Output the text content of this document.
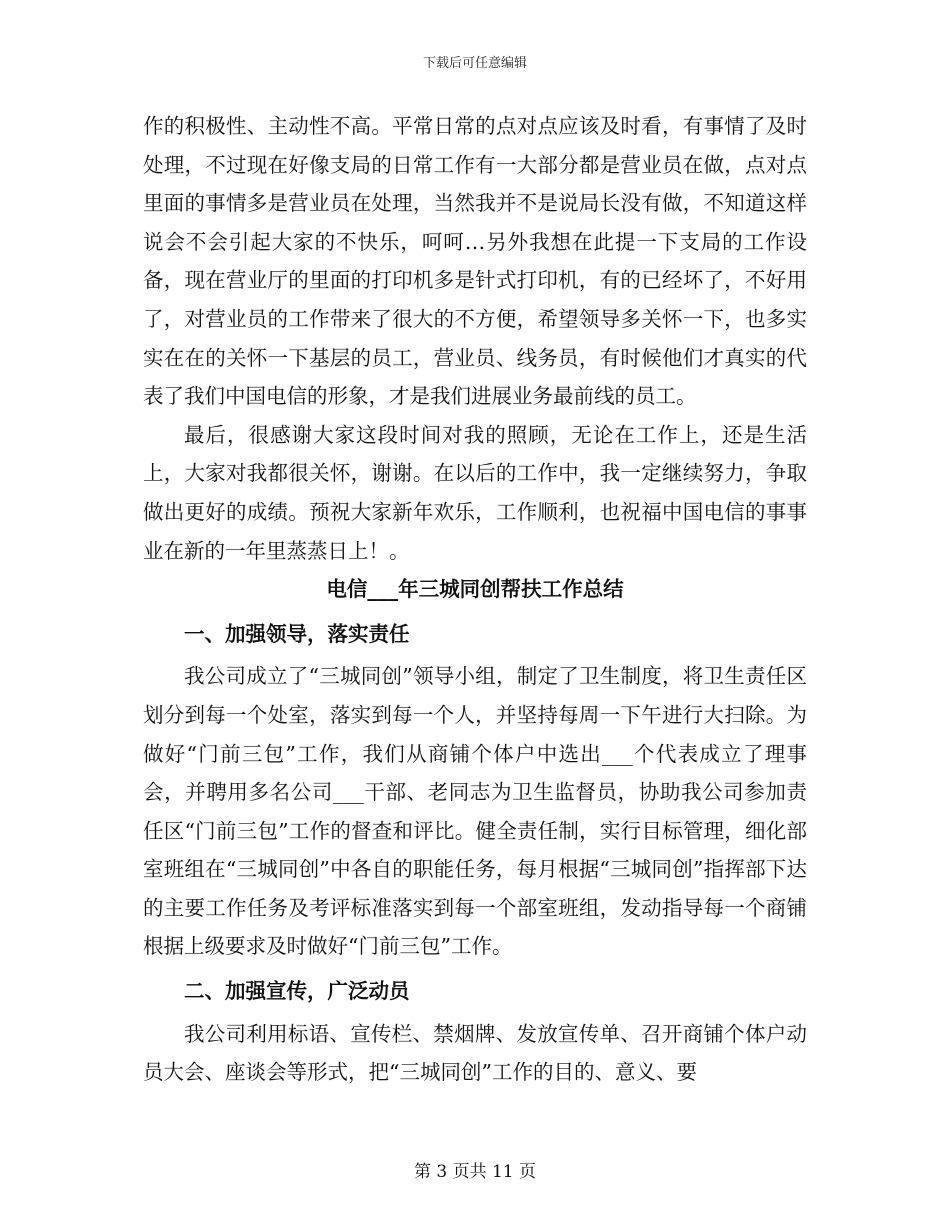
下载后可任意编辑

作的积极性、主动性不高。平常日常的点对点应该及时看，有事情了及时处理，不过现在好像支局的日常工作有一大部分都是营业员在做，点对点里面的事情多是营业员在处理，当然我并不是说局长没有做，不知道这样说会不会引起大家的不快乐，呵呵…另外我想在此提一下支局的工作设备，现在营业厅的里面的打印机多是针式打印机，有的已经坏了，不好用了，对营业员的工作带来了很大的不方便，希望领导多关怀一下，也多实实在在的关怀一下基层的员工，营业员、线务员，有时候他们才真实的代表了我们中国电信的形象，才是我们进展业务最前线的员工。

最后，很感谢大家这段时间对我的照顾，无论在工作上，还是生活上，大家对我都很关怀，谢谢。在以后的工作中，我一定继续努力，争取做出更好的成绩。预祝大家新年欢乐，工作顺利，也祝福中国电信的事事业在新的一年里蒸蒸日上！。

电信___年三城同创帮扶工作总结

一、加强领导，落实责任

我公司成立了“三城同创”领导小组，制定了卫生制度，将卫生责任区划分到每一个处室，落实到每一个人，并坚持每周一下午进行大扫除。为做好“门前三包”工作，我们从商铺个体户中选出___个代表成立了理事会，并聘用多名公司___干部、老同志为卫生监督员，协助我公司参加责任区“门前三包”工作的督查和评比。健全责任制，实行目标管理，细化部室班组在“三城同创”中各自的职能任务，每月根据“三城同创”指挥部下达的主要工作任务及考评标准落实到每一个部室班组，发动指导每一个商铺根据上级要求及时做好“门前三包”工作。

二、加强宣传，广泛动员

我公司利用标语、宣传栏、禁烟牌、发放宣传单、召开商铺个体户动员大会、座谈会等形式，把“三城同创”工作的目的、意义、要

第 3 页共 11 页
